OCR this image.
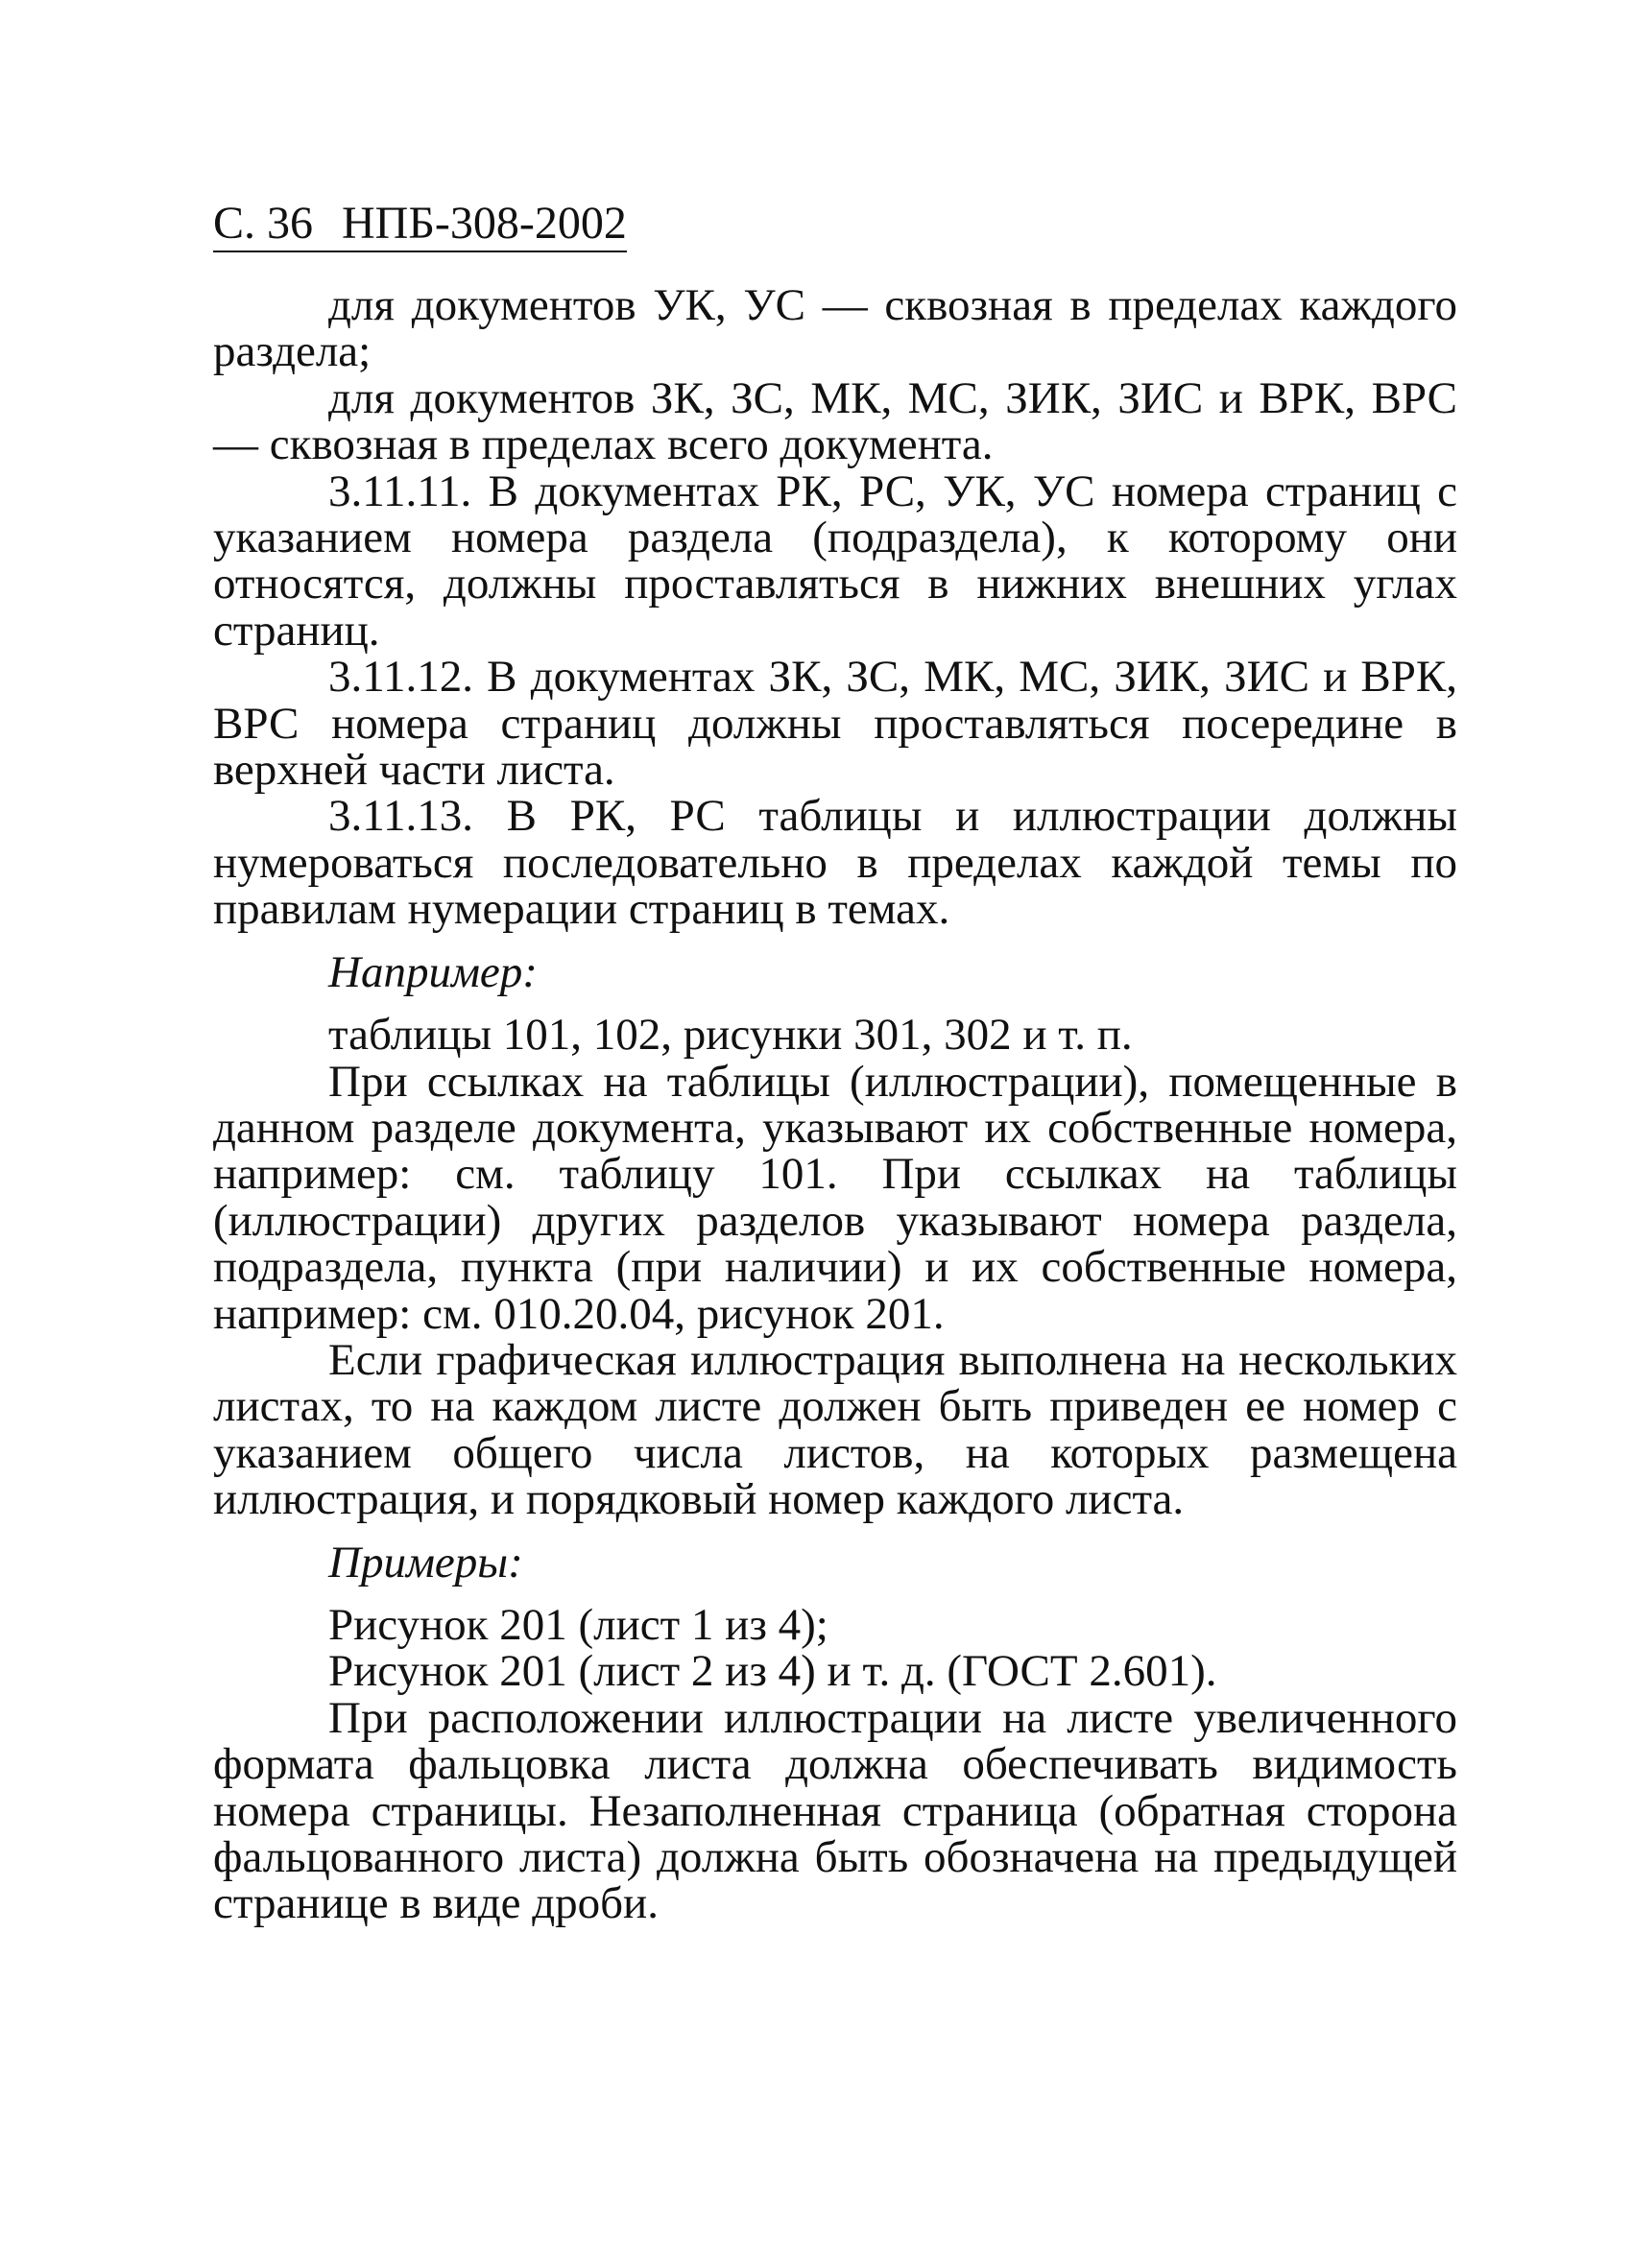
С. 36 НПБ-308-2002

для документов УК, УС — сквозная в пределах каждого раздела;

для документов ЗК, ЗС, МК, МС, ЗИК, ЗИС и ВРК, ВРС — сквозная в пределах всего документа.

3.11.11. В документах РК, РС, УК, УС номера страниц с указанием номера раздела (подраздела), к которому они относятся, должны проставляться в нижних внешних углах страниц.

3.11.12. В документах ЗК, ЗС, МК, МС, ЗИК, ЗИС и ВРК, ВРС номера страниц должны проставляться посередине в верхней части листа.

3.11.13. В РК, РС таблицы и иллюстрации должны нумероваться последовательно в пределах каждой темы по правилам нумерации страниц в темах.

Например:

таблицы 101, 102, рисунки 301, 302 и т. п.

При ссылках на таблицы (иллюстрации), помещенные в данном разделе документа, указывают их собственные номера, например: см. таблицу 101. При ссылках на таблицы (иллюстрации) других разделов указывают номера раздела, подраздела, пункта (при наличии) и их собственные номера, например: см. 010.20.04, рисунок 201.

Если графическая иллюстрация выполнена на нескольких листах, то на каждом листе должен быть приведен ее номер с указанием общего числа листов, на которых размещена иллюстрация, и порядковый номер каждого листа.

Примеры:

Рисунок 201 (лист 1 из 4);

Рисунок 201 (лист 2 из 4) и т. д. (ГОСТ 2.601).

При расположении иллюстрации на листе увеличенного формата фальцовка листа должна обеспечивать видимость номера страницы. Незаполненная страница (обратная сторона фальцованного листа) должна быть обозначена на предыдущей странице в виде дроби.
